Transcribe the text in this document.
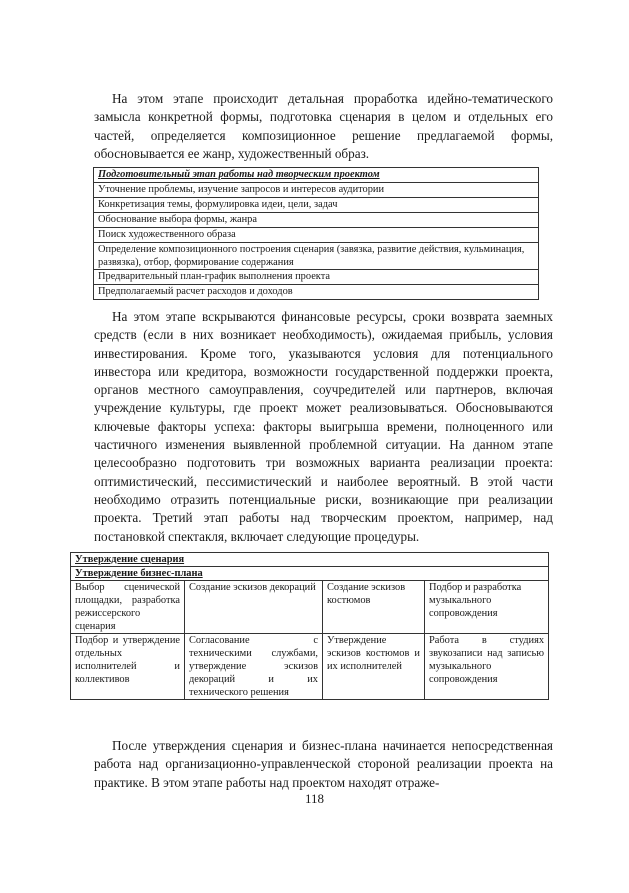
На этом этапе происходит детальная проработка идейно-тематического замысла конкретной формы, подготовка сценария в целом и отдельных его частей, определяется композиционное решение предлагаемой формы, обосновывается ее жанр, художественный образ.

Подготовительный этап работы над творческим проектом
Уточнение проблемы, изучение запросов и интересов аудитории
Конкретизация темы, формулировка идеи, цели, задач
Обоснование выбора формы, жанра
Поиск художественного образа
Определение композиционного построения сценария (завязка, развитие действия, кульминация, развязка), отбор, формирование содержания
Предварительный план-график выполнения проекта
Предполагаемый расчет расходов и доходов

На этом этапе вскрываются финансовые ресурсы, сроки возврата заемных средств (если в них возникает необходимость), ожидаемая прибыль, условия инвестирования. Кроме того, указываются условия для потенциального инвестора или кредитора, возможности государственной поддержки проекта, органов местного самоуправления, соучредителей или партнеров, включая учреждение культуры, где проект может реализовываться. Обосновываются ключевые факторы успеха: факторы выигрыша времени, полноценного или частичного изменения выявленной проблемной ситуации. На данном этапе целесообразно подготовить три возможных варианта реализации проекта: оптимистический, пессимистический и наиболее вероятный. В этой части необходимо отразить потенциальные риски, возникающие при реализации проекта. Третий этап работы над творческим проектом, например, над постановкой спектакля, включает следующие процедуры.

Утверждение сценария			
Утверждение бизнес-плана			
Выбор сценической площадки, разработка режиссерского сценария	Создание эскизов декораций	Создание эскизов костюмов	Подбор и разработка музыкального сопровождения
Подбор и утверждение отдельных исполнителей и коллективов	Согласование с техническими службами, утверждение эскизов декораций и их технического решения	Утверждение эскизов костюмов и их исполнителей	Работа в студиях звукозаписи над записью музыкального сопровождения

После утверждения сценария и бизнес-плана начинается непосредственная работа над организационно-управленческой стороной реализации проекта на практике. В этом этапе работы над проектом находят отраже-

118
